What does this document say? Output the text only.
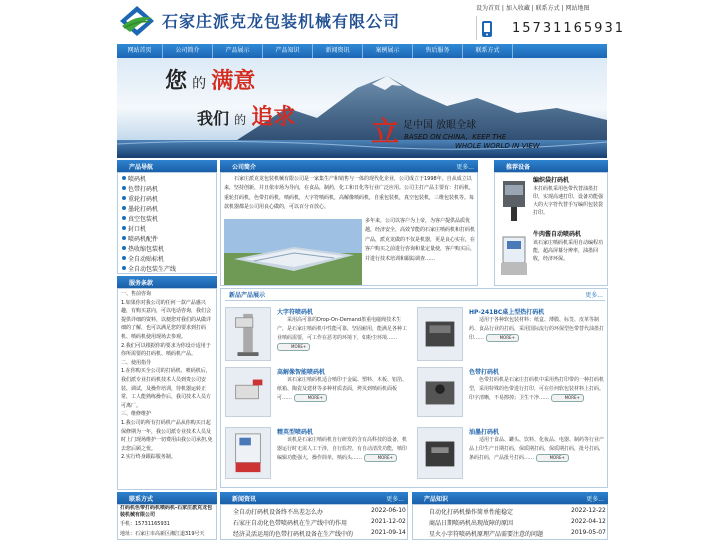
石家庄派克龙包装机械有限公司
设为首页 | 加入收藏 | 联系方式 | 网站地图
15731165931
网站首页	公司简介	产品展示	产品知识	新闻资讯	案例展示	售后服务	联系方式
您 的 满意
我们 的 追求	立 足中国 放眼全球
BASED ON CHINA，KEEP THE
WHOLE WORLD IN VIEW
产品导航
喷码机
色带打码机
重轮打码机
墨轮打码机
真空包装机
封口机
喷码机配件
热收缩包装机
全自动贴标机
全自动包装生产线
服务条款
一、售前咨询
1.如果你对我公司的任何一款产品感兴趣，有购买意向，可以电话咨询，我们会提供详细的资料，以便您对我们的从做详细的了解，也可以满足您的要求到打码机、喷码机使用现场去参观。
2.我们可以根据你的要求为你设计适用于你所需要的打码机、喷码机产品。
二、使用指导
1.在你购买全公司的打码机、喷码机后，我们派专业打码机技术人员到贵公司安装、调试，及操作培训，待机器运转正常，工人能熟练操作后，我司技术人员方可离厂。
三、维修维护
1.我公司的所有打码机产品从你购买日起保修期为一年，我公司派专业技术人员及时上门现场维护一切费用由我公司承担,免去您后顾之忧。
2.实行终身跟踪服务制。
联系方式
打码机色带打码机喷码机-石家庄派克龙包装机械有限公司
手机：15731165931
地址：石家庄市高新区湘江道319号天
公司简介	更多...
石家庄派克龙包装机械有限公司是一家集生产和销售与一体的现代化企业，公司成立于1998年。自从成立以来，坚持创新，并且依市场为导向，在食品，制药，化工和日化等行业广泛应用。公司主打产品主要有：打码机，重轮打码机，色带打码机，喷码机，大字符喷码机，高解像喷码机，自重包装机，真空包装机，三维包装机等。每款机器都是公司用良心做的，可以百分百放心。
多年来，公司以客户为上帝，为客户提供品质优越，经济安全，高效节能的石家庄喷码机和打码机产品，派克龙做的不仅是机器，更是良心实在，在客户购买之前进行咨询和量定量使，客户购买后，并进行技术培训和跟踪调查……
推荐设备
编织袋打码机
本打码机采用色带代替油墨打印，实现高速打印，设备功能强大的大字符代替手写编织包装袋打印。
牛肉酱自动喷码机
该石家庄喷码机采用自动编程功能，超高屏幕分辨率，油墨回收，经济环保。
新品产品展示	更多...
大字符喷码机
采用高可靠的Drop-On-Demand墨重电磁阀技术生产，是石家庄喷码机中性能可靠，坚固耐用，能满足各种工业喷码需要，可工作在恶劣的环境下，如粉尘环境…… MORE+
HP-241BC桌上型热打码机
适用于各种软包装材料：纸盒、薄膜、标签、皮革等制药、食品行业的打码，采用国际流行的环保型色带替代油墨打印……	MORE+
高解像智能喷码机
该石家庄喷码机适合喷印于金属、塑料、木板、铝箔、纸箱、陶瓷及建材等多种材质表面，烤贝到喷码机面板可……	MORE+
色带打码机
色带打码机是石家庄打码机中采用热打印带的一种打码机型，采用特殊的色带进行打印，可在任何软包装材料上打码。印字清晰，不易擦掉；卫生干净……	MORE+
精英型喷码机
该机是石家庄喷码机自行研发的含有高科技的设备，机器运行时无需人工干涉，自行监控，有自动清洗功能，喷印编辑功能强大，操作简单，喷码头……	MORE+
油墨打码机
适用于食品、罐头、饮料、化妆品、电器、制药等行业产品上印生产日期打码，保质期打码，保质期打码，批号打码,条码打码，产品批号打码……	MORE+
新闻资讯	更多...
全自动打码机设备终不出差怎么办	2022-06-10
石家庄自动化色带喷码机在生产线中的作用	2021-12-02
经济灵活运用的色带打码机设备在生产线中的	2021-09-14
产品知识	更多...
自动化打码机操作简单性能稳定	2022-12-22
商品日期喷码机出现故障的原因	2022-04-12
星火小字符喷码机原理产品需要注意的问题	2019-05-07
